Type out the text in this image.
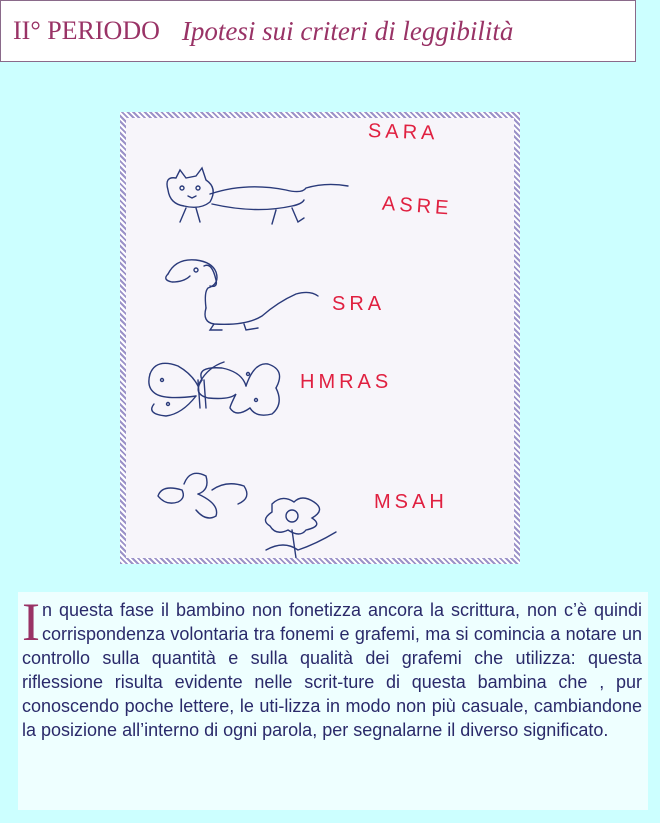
II° PERIODO Ipotesi sui criteri di leggibilità
SARA
ASRE
SRA
HMRAS
MSAH
In questa fase il bambino non fonetizza ancora la scrittura, non c’è quindi corrispondenza volontaria tra fonemi e grafemi, ma si comincia a notare un controllo sulla quantità e sulla qualità dei grafemi che utilizza: questa riflessione risulta evidente nelle scrit-ture di questa bambina che , pur conoscendo poche lettere, le uti-lizza in modo non più casuale, cambiandone la posizione all’interno di ogni parola, per segnalarne il diverso significato.
